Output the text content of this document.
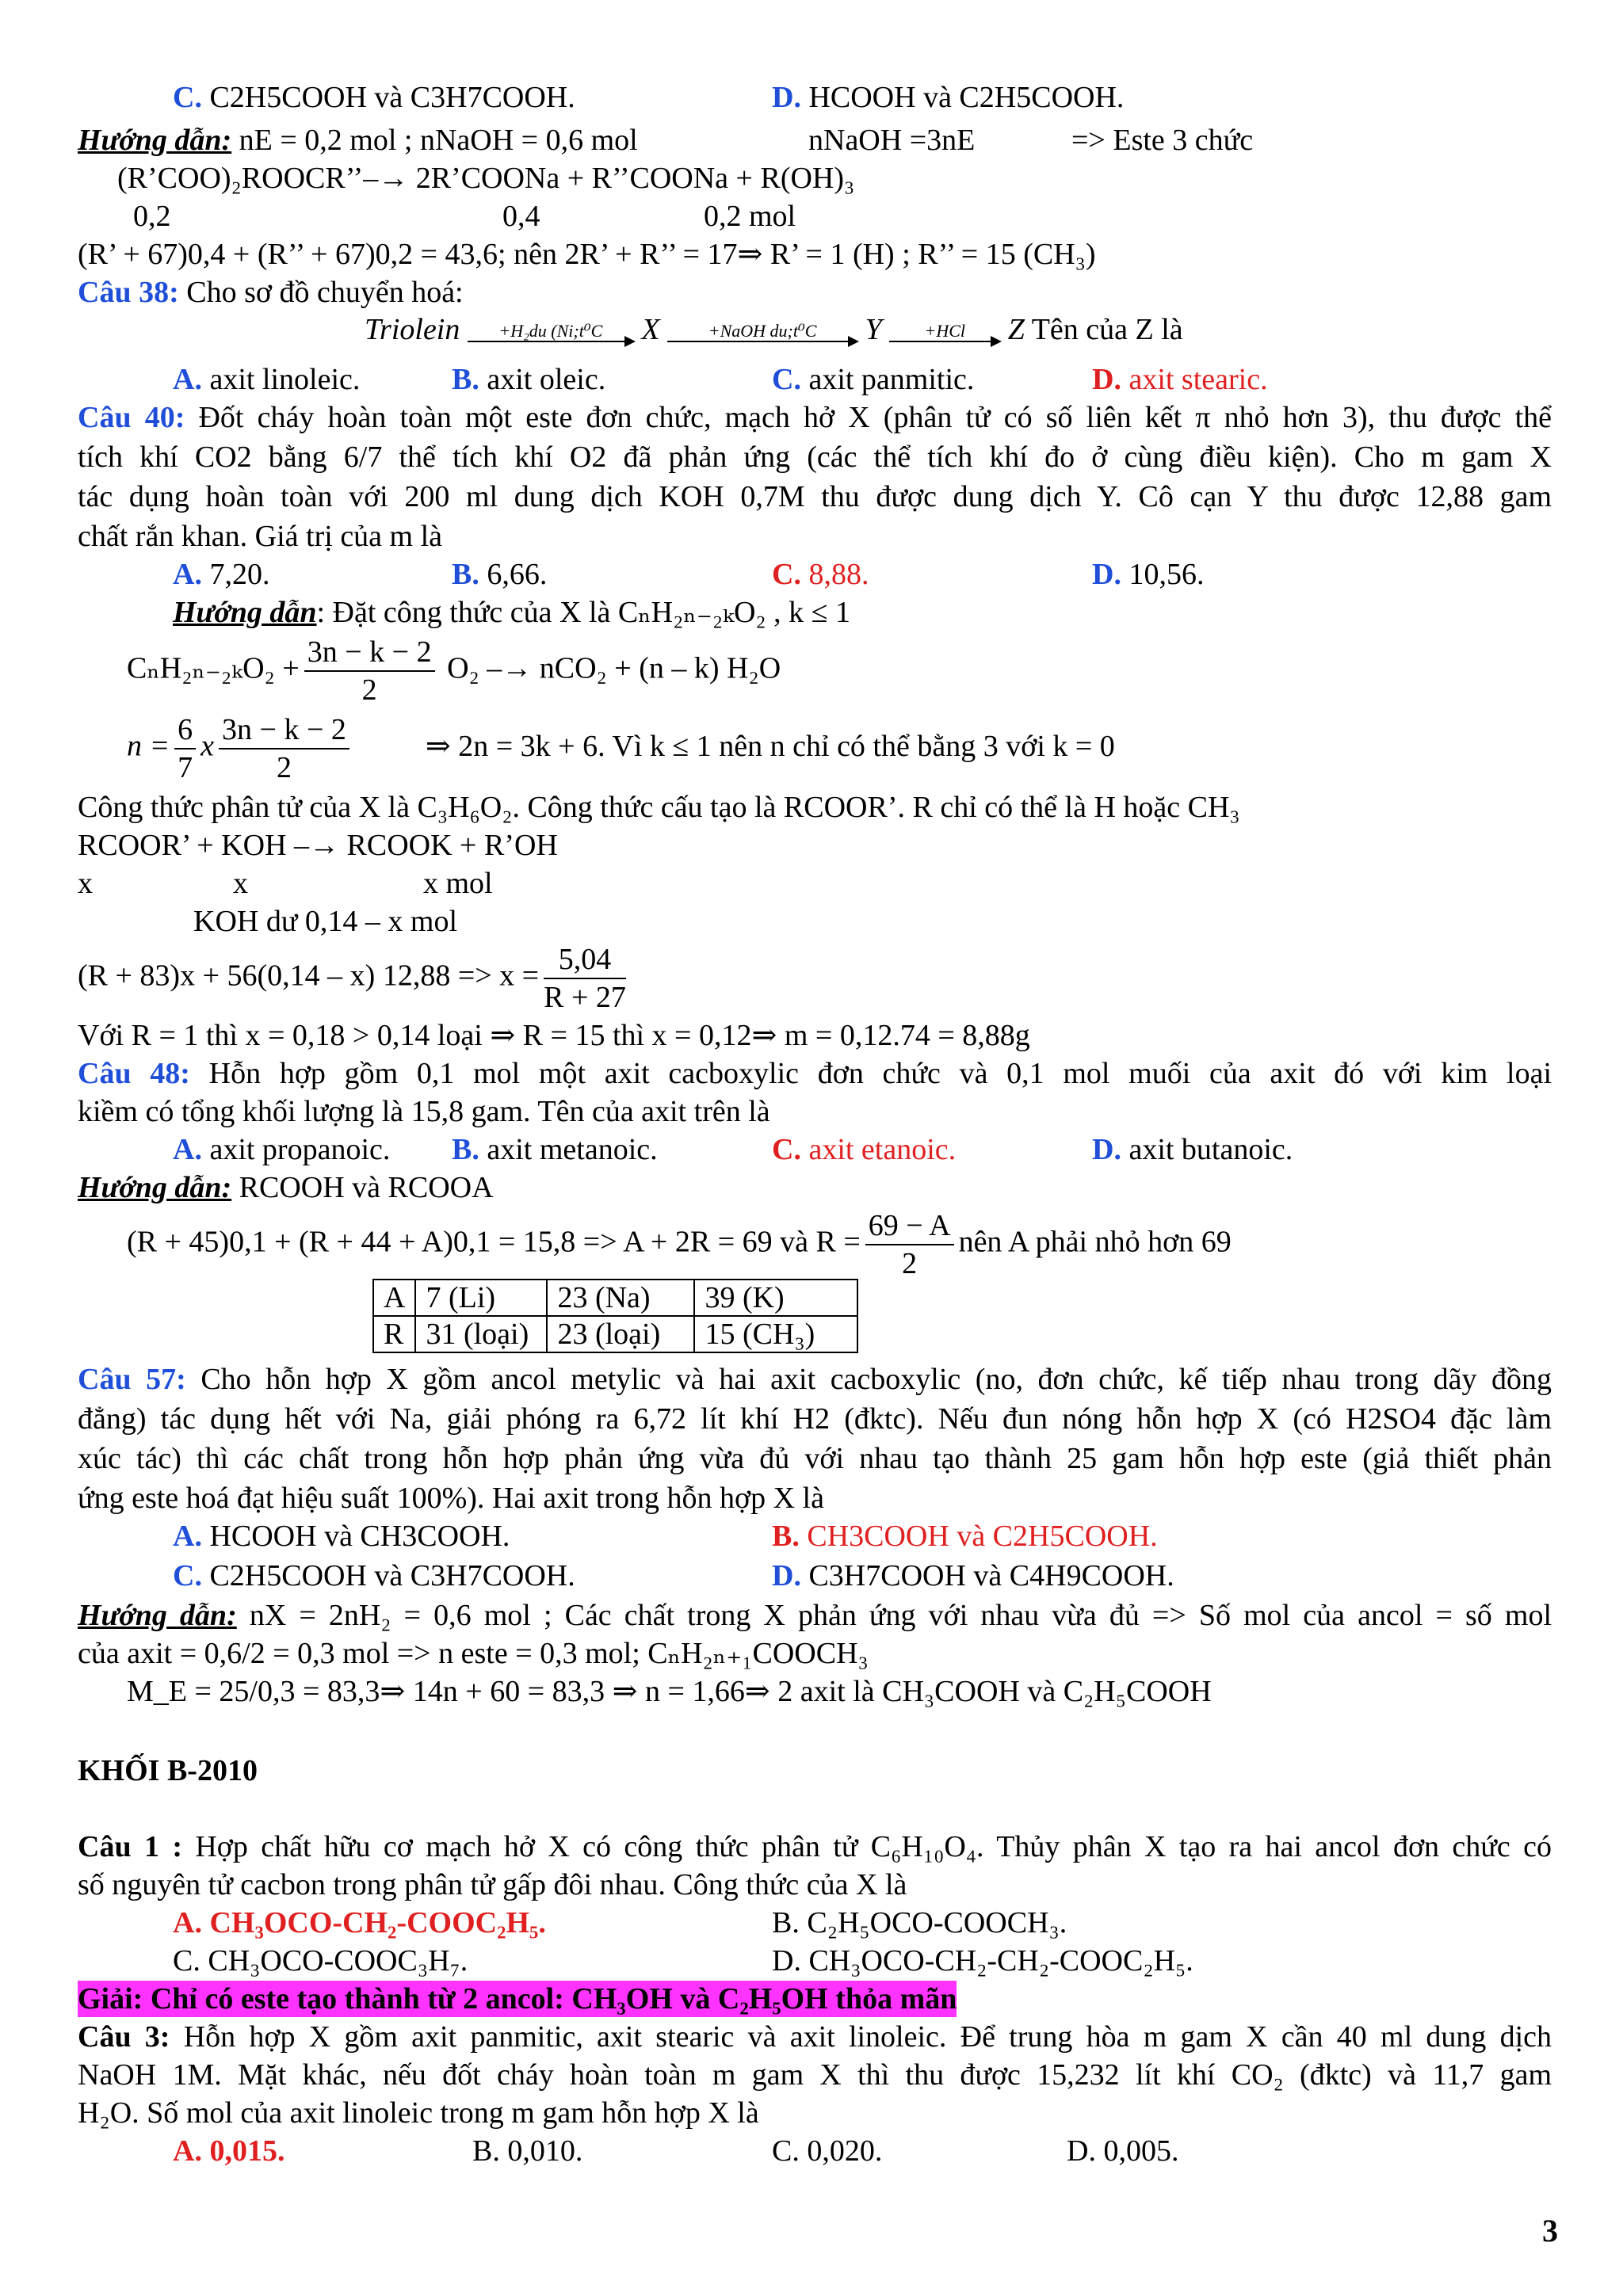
C. C2H5COOH và C3H7COOH.	D. HCOOH và C2H5COOH.
Hướng dẫn: nE = 0,2 mol ; nNaOH = 0,6 mol	nNaOH =3nE	=> Este 3 chức
(R’COO)₂ROOCR’’–→ 2R’COONa + R’’COONa + R(OH)₃
0,2	0,4	0,2 mol
(R’ + 67)0,4 + (R’’ + 67)0,2 = 43,6; nên 2R’ + R’’ = 17⇒ R’ = 1 (H) ; R’’ = 15 (CH₃)
Câu 38: Cho sơ đồ chuyển hoá:
Triolein	+H₂du (Ni;t⁰C	X	+NaOH du;t⁰C	Y	+HCl	Z Tên của Z là
A. axit linoleic.	B. axit oleic.	C. axit panmitic.	D. axit stearic.
Câu 40: Đốt cháy hoàn toàn một este đơn chức, mạch hở X (phân tử có số liên kết π nhỏ hơn 3), thu được thể
tích khí CO2 bằng 6/7 thể tích khí O2 đã phản ứng (các thể tích khí đo ở cùng điều kiện). Cho m gam X
tác dụng hoàn toàn với 200 ml dung dịch KOH 0,7M thu được dung dịch Y. Cô cạn Y thu được 12,88 gam
chất rắn khan. Giá trị của m là
A. 7,20.	B. 6,66.	C. 8,88.	D. 10,56.
Hướng dẫn: Đặt công thức của X là CₙH₂ₙ₋₂ₖO₂ , k ≤ 1
$C_nH_{2n-2k}O_2 + \frac{3n - k - 2}{2} O_2 -\to nCO_2 + (n - k)$ H₂O
$n = \frac{6}{7}$ x $\frac{3n - k - 2}{2}$	⇒ 2n = 3k + 6. Vì k ≤ 1 nên n chỉ có thể bằng 3 với k = 0
Công thức phân tử của X là C₃H₆O₂. Công thức cấu tạo là RCOOR’. R chỉ có thể là H hoặc CH₃
RCOOR’ + KOH –→ RCOOK + R’OH
x	x	x mol
KOH dư 0,14 – x mol
(R + 83)x + 56(0,14 – x) $12,88 => x = \frac{5,04}{R + 27}$
Với R = 1 thì x = 0,18 > 0,14 loại ⇒ R = 15 thì x = 0,12⇒ m = 0,12.74 = 8,88g
Câu 48: Hỗn hợp gồm 0,1 mol một axit cacboxylic đơn chức và 0,1 mol muối của axit đó với kim loại
kiềm có tổng khối lượng là 15,8 gam. Tên của axit trên là
A. axit propanoic. B. axit metanoic.	C. axit etanoic.	D. axit butanoic.
Hướng dẫn: RCOOH và RCOOA
(R + 45)0,1 + (R + 44 + A)0,1 = 15,8 => A + 2R = 69 và $R = \frac{69 - A}{2}$ nên A phải nhỏ hơn 69
A	7 (Li)	23 (Na)	39 (K)
R	31 (loại)	23 (loại)	15 (CH₃)
Câu 57: Cho hỗn hợp X gồm ancol metylic và hai axit cacboxylic (no, đơn chức, kế tiếp nhau trong dãy đồng
đẳng) tác dụng hết với Na, giải phóng ra 6,72 lít khí H2 (đktc). Nếu đun nóng hỗn hợp X (có H2SO4 đặc làm
xúc tác) thì các chất trong hỗn hợp phản ứng vừa đủ với nhau tạo thành 25 gam hỗn hợp este (giả thiết phản
ứng este hoá đạt hiệu suất 100%). Hai axit trong hỗn hợp X là
A. HCOOH và CH3COOH.	B. CH3COOH và C2H5COOH.
C. C2H5COOH và C3H7COOH.	D. C3H7COOH và C4H9COOH.
Hướng dẫn: nX = 2nH₂ = 0,6 mol ; Các chất trong X phản ứng với nhau vừa đủ => Số mol của ancol = số mol
của axit = 0,6/2 = 0,3 mol => n este = 0,3 mol; CₙH₂ₙ₊₁COOCH₃
M_E = 25/0,3 = 83,3⇒ 14n + 60 = 83,3 ⇒ n = 1,66⇒ 2 axit là CH₃COOH và C₂H₅COOH
KHỐI B-2010
Câu 1 : Hợp chất hữu cơ mạch hở X có công thức phân tử C₆H₁₀O₄. Thủy phân X tạo ra hai ancol đơn chức có
số nguyên tử cacbon trong phân tử gấp đôi nhau. Công thức của X là
A. CH₃OCO-CH₂-COOC₂H₅.	B. C₂H₅OCO-COOCH₃.
C. CH₃OCO-COOC₃H₇.	D. CH₃OCO-CH₂-CH₂-COOC₂H₅.
Giải: Chỉ có este tạo thành từ 2 ancol: CH₃OH và C₂H₅OH thỏa mãn
Câu 3: Hỗn hợp X gồm axit panmitic, axit stearic và axit linoleic. Để trung hòa m gam X cần 40 ml dung dịch
NaOH 1M. Mặt khác, nếu đốt cháy hoàn toàn m gam X thì thu được 15,232 lít khí CO₂ (đktc) và 11,7 gam
H₂O. Số mol của axit linoleic trong m gam hỗn hợp X là
A. 0,015.	B. 0,010.	C. 0,020.	D. 0,005.
3
